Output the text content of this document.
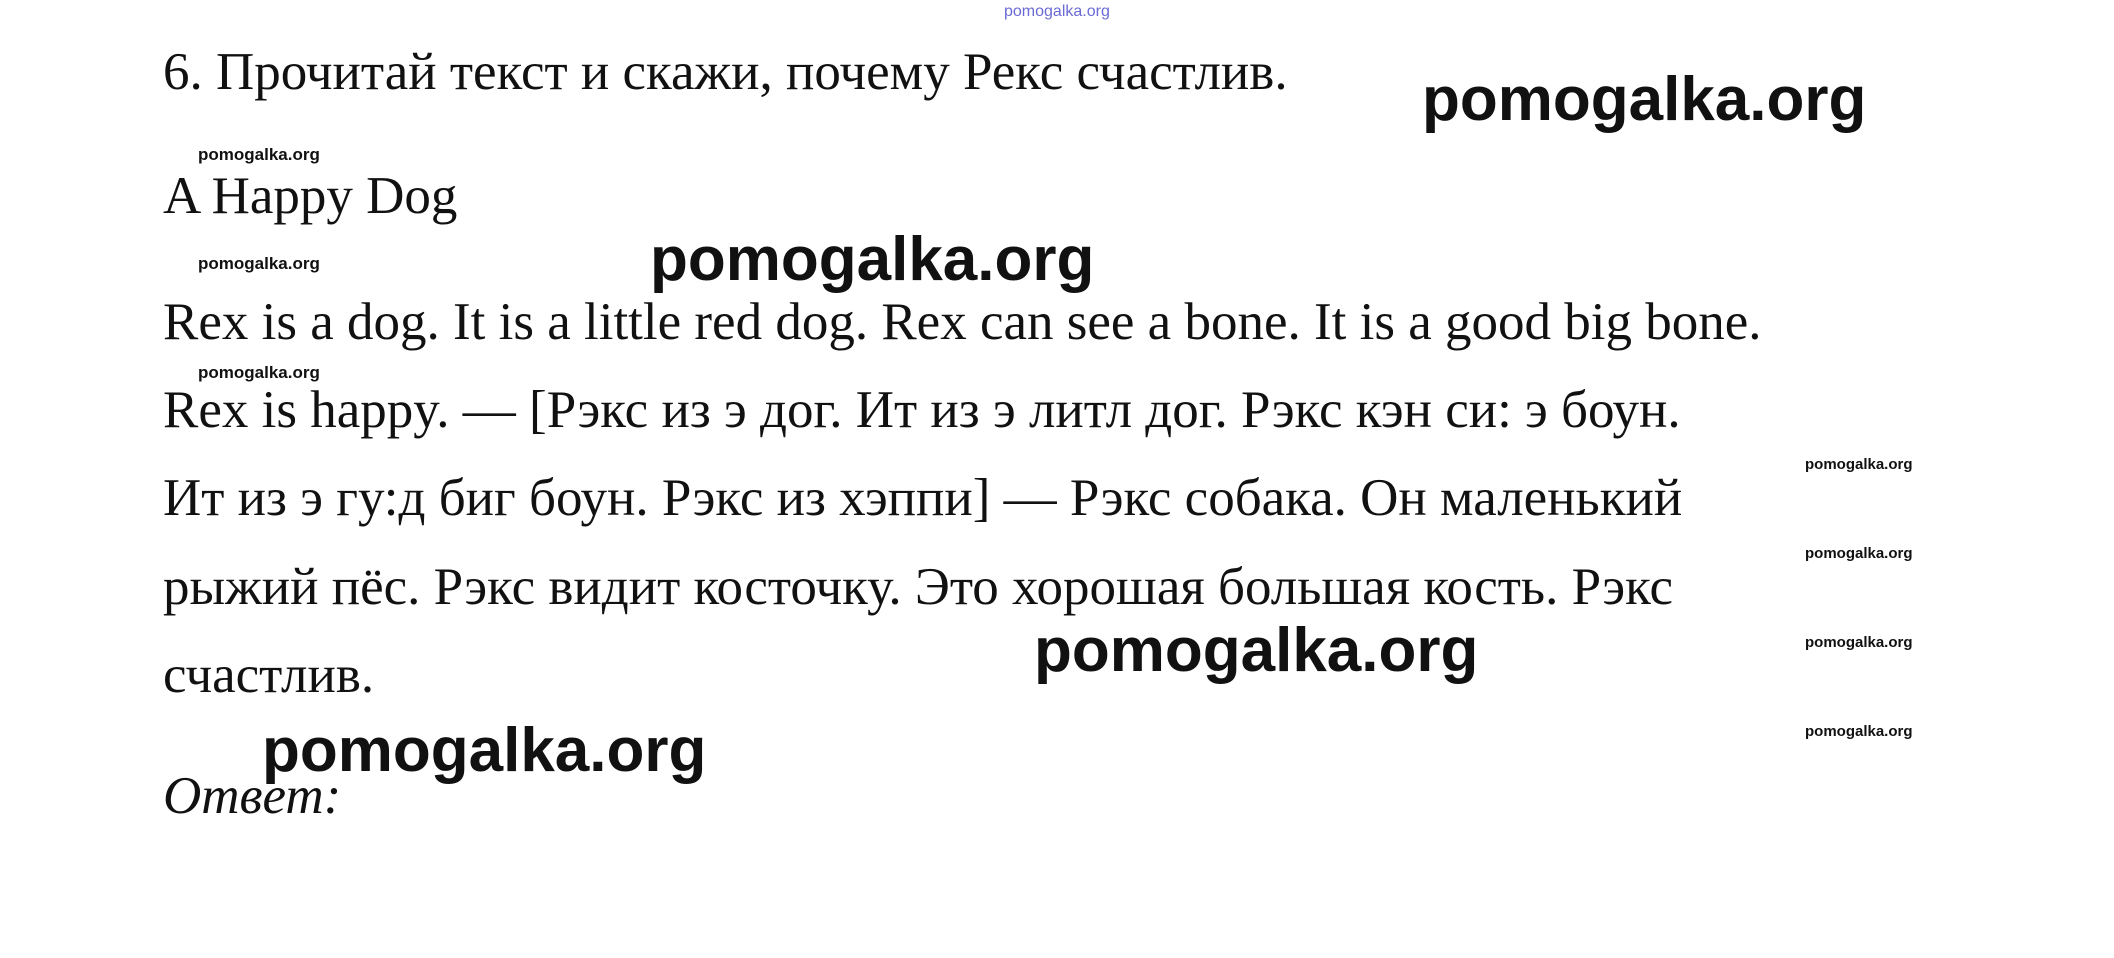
pomogalka.org
6. Прочитай текст и скажи, почему Рекс счастлив.
A Happy Dog
Rex is a dog. It is a little red dog. Rex can see a bone. It is a good big bone.
Rex is happy. — [Рэкс из э дог. Ит из э литл дог. Рэкс кэн си: э боун.
Ит из э гу:д биг боун. Рэкс из хэппи] — Рэкс собака. Он маленький
рыжий пёс. Рэкс видит косточку. Это хорошая большая кость. Рэкс
счастлив.
Ответ:
pomogalka.org
pomogalka.org
pomogalka.org
pomogalka.org
pomogalka.org
pomogalka.org
pomogalka.org
pomogalka.org
pomogalka.org
pomogalka.org
pomogalka.org
